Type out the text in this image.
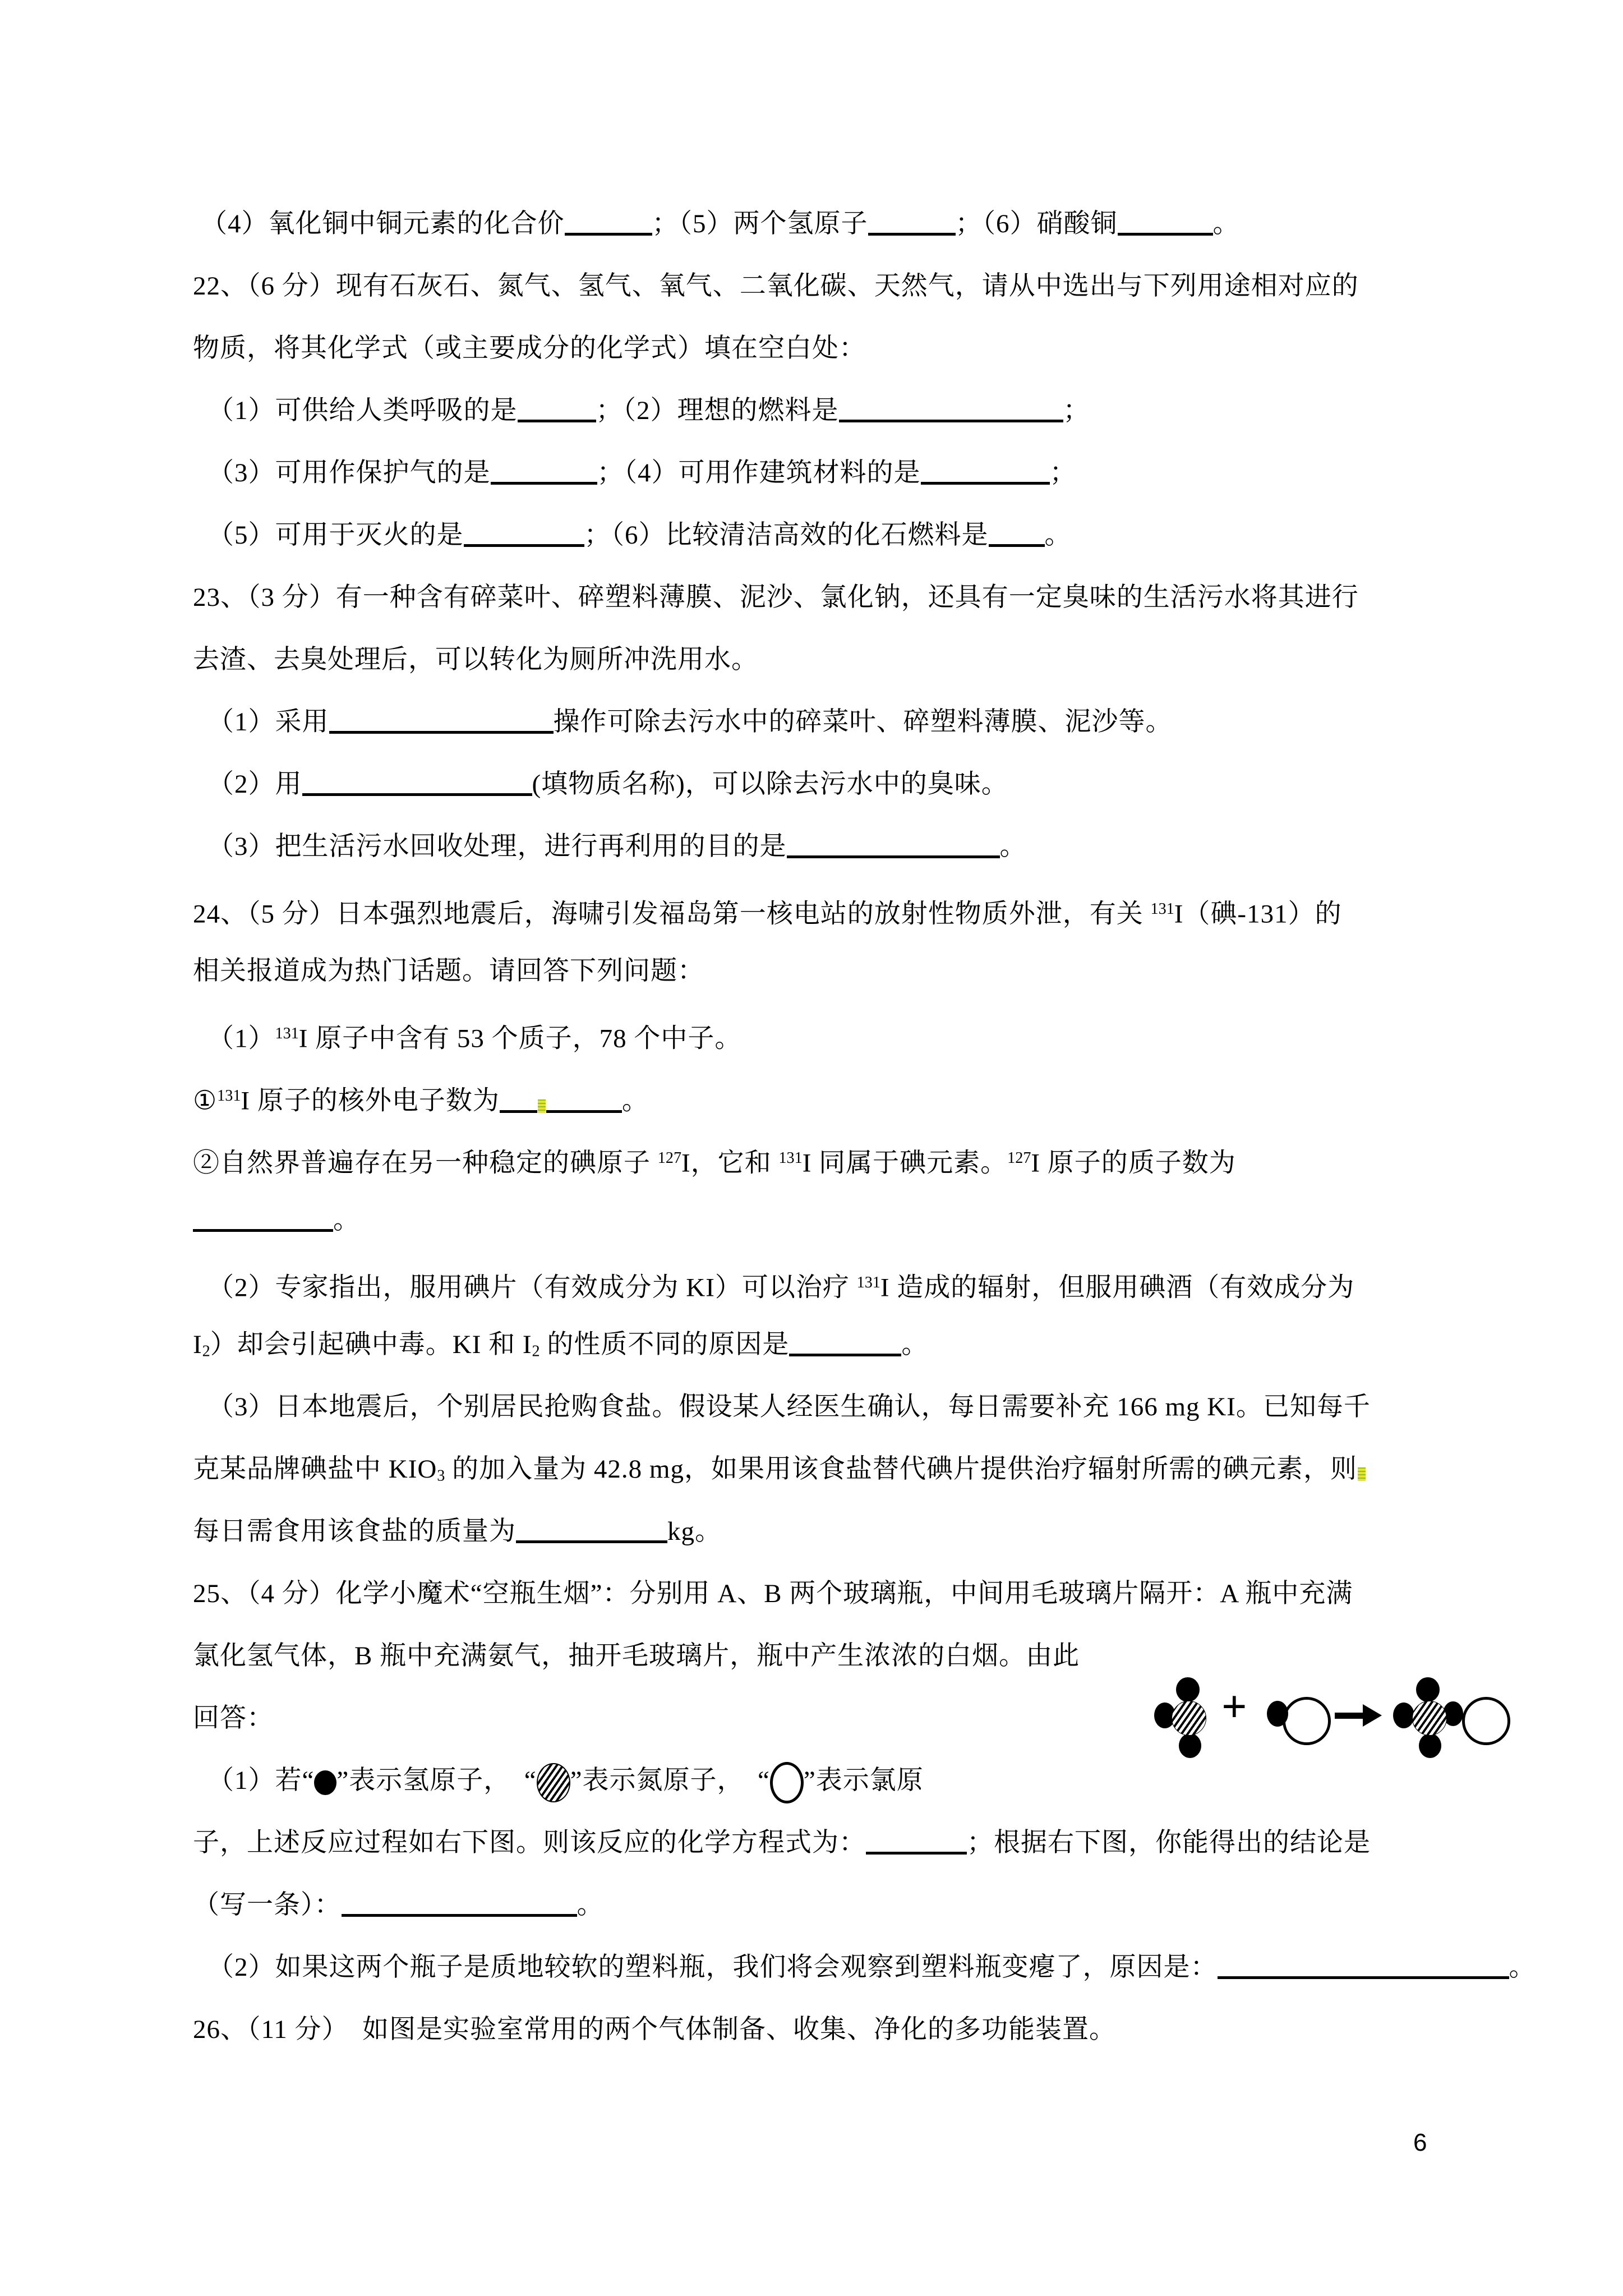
（4）氧化铜中铜元素的化合价	；（5）两个氢原子	；（6）硝酸铜	。
22、（6 分）现有石灰石、氮气、氢气、氧气、二氧化碳、天然气，请从中选出与下列用途相对应的
物质，将其化学式（或主要成分的化学式）填在空白处：
（1）可供给人类呼吸的是	；（2）理想的燃料是	；
（3）可用作保护气的是	；（4）可用作建筑材料的是	；
（5）可用于灭火的是	；（6）比较清洁高效的化石燃料是 。
23、（3 分）有一种含有碎菜叶、碎塑料薄膜、泥沙、氯化钠，还具有一定臭味的生活污水将其进行
去渣、去臭处理后，可以转化为厕所冲洗用水。
（1）采用	操作可除去污水中的碎菜叶、碎塑料薄膜、泥沙等。
（2）用	(填物质名称)，可以除去污水中的臭味。
（3）把生活污水回收处理，进行再利用的目的是	。
24、（5 分）日本强烈地震后，海啸引发福岛第一核电站的放射性物质外泄，有关 $^{131}$I（碘-131）的
相关报道成为热门话题。请回答下列问题：
$(1)^{131}I$ 原子中含有 53 个质子，78 个中子。
①$^{131}$I 原子的核外电子数为	。
②自然界普遍存在另一种稳定的碘原子 $^{127}$I，它和 $^{131}$I 同属于碘元素。$^{127}$I 原子的质子数为
。
（2）专家指出，服用碘片（有效成分为 KI）可以治疗 $^{131}$I 造成的辐射，但服用碘酒（有效成分为
$I_2$）却会引起碘中毒。KI 和 $I_2$ 的性质不同的原因是	。
（3）日本地震后，个别居民抢购食盐。假设某人经医生确认，每日需要补充 166 mg KI。已知每千
克某品牌碘盐中 $KIO_3$ 的加入量为 42.8 mg，如果用该食盐替代碘片提供治疗辐射所需的碘元素，则
每日需食用该食盐的质量为	kg。
25、（4 分）化学小魔术“空瓶生烟”：分别用 A、B 两个玻璃瓶，中间用毛玻璃片隔开：A 瓶中充满
氯化氢气体，B 瓶中充满氨气，抽开毛玻璃片，瓶中产生浓浓的白烟。由此
回答：
（1）若“ ”表示氢原子，　“ ”表示氮原子，　“ ”表示氯原
子，上述反应过程如右下图。则该反应的化学方程式为：	；根据右下图，你能得出的结论是
（写一条）：	。
（2）如果这两个瓶子是质地较软的塑料瓶，我们将会观察到塑料瓶变瘪了，原因是：	。
26、（11 分）　如图是实验室常用的两个气体制备、收集、净化的多功能装置。
+
6
